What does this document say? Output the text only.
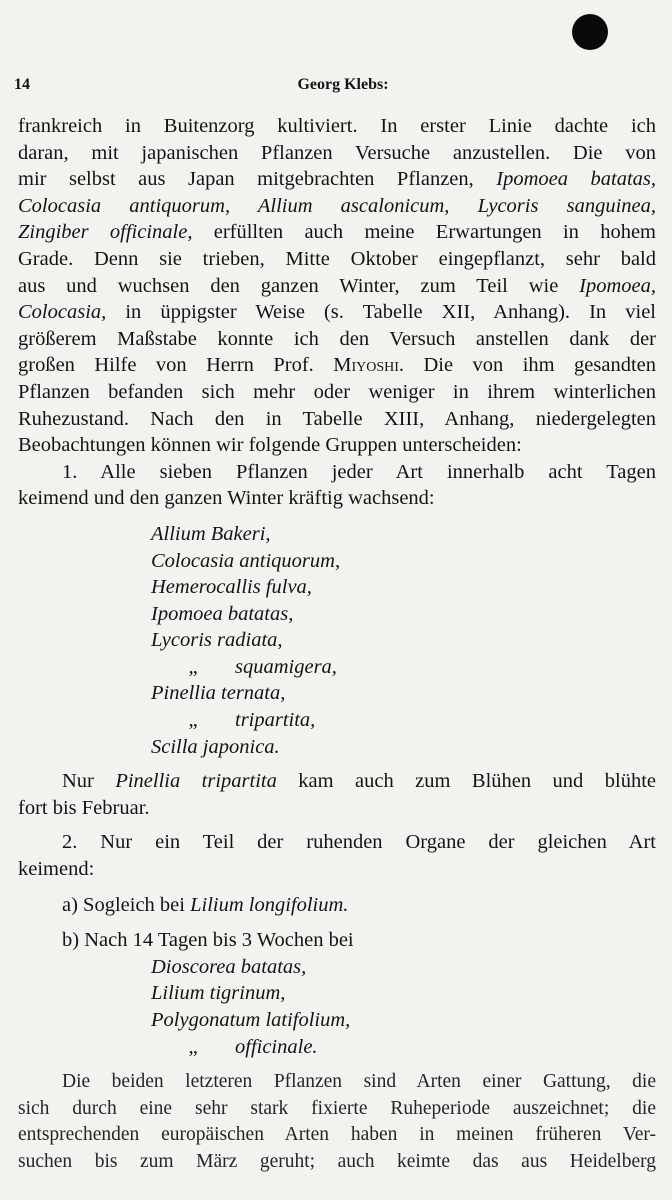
14	Georg Klebs:
frankreich in Buitenzorg kultiviert. In erster Linie dachte ich
daran, mit japanischen Pflanzen Versuche anzustellen. Die von
mir selbst aus Japan mitgebrachten Pflanzen, Ipomoea batatas,
Colocasia antiquorum, Allium ascalonicum, Lycoris sanguinea,
Zingiber officinale, erfüllten auch meine Erwartungen in hohem
Grade. Denn sie trieben, Mitte Oktober eingepflanzt, sehr bald
aus und wuchsen den ganzen Winter, zum Teil wie Ipomoea,
Colocasia, in üppigster Weise (s. Tabelle XII, Anhang). In viel
größerem Maßstabe konnte ich den Versuch anstellen dank der
großen Hilfe von Herrn Prof. Miyoshi. Die von ihm gesandten
Pflanzen befanden sich mehr oder weniger in ihrem winterlichen
Ruhezustand. Nach den in Tabelle XIII, Anhang, niedergelegten
Beobachtungen können wir folgende Gruppen unterscheiden:
1. Alle sieben Pflanzen jeder Art innerhalb acht Tagen
keimend und den ganzen Winter kräftig wachsend:
Allium Bakeri,
Colocasia antiquorum,
Hemerocallis fulva,
Ipomoea batatas,
Lycoris radiata,
„ squamigera,
Pinellia ternata,
„ tripartita,
Scilla japonica.
Nur Pinellia tripartita kam auch zum Blühen und blühte
fort bis Februar.
2. Nur ein Teil der ruhenden Organe der gleichen Art
keimend:
a) Sogleich bei Lilium longifolium.
b) Nach 14 Tagen bis 3 Wochen bei
Dioscorea batatas,
Lilium tigrinum,
Polygonatum latifolium,
„ officinale.
Die beiden letzteren Pflanzen sind Arten einer Gattung, die
sich durch eine sehr stark fixierte Ruheperiode auszeichnet; die
entsprechenden europäischen Arten haben in meinen früheren Ver-
suchen bis zum März geruht; auch keimte das aus Heidelberg
